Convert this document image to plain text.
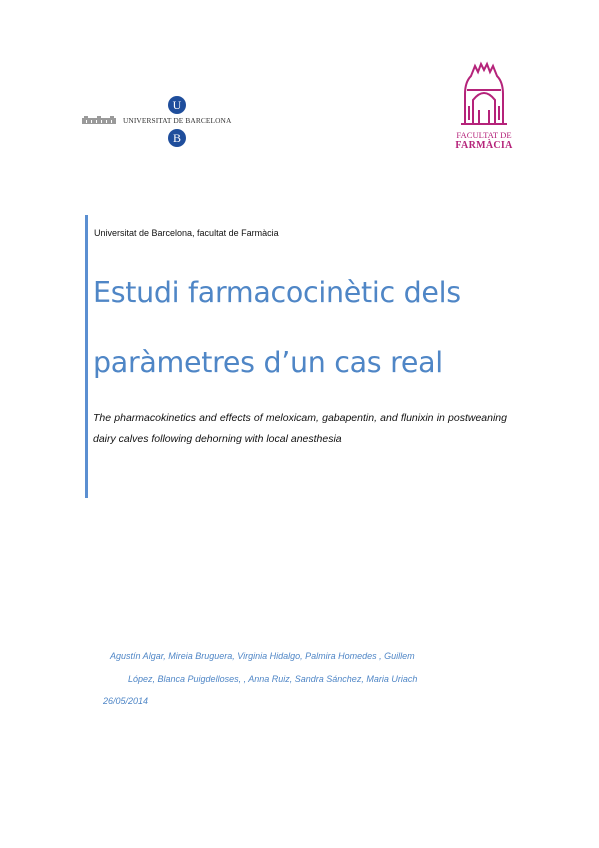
UNIVERSITAT DE BARCELONA
U
B	FACULTAT DE
FARMÀCIA
Universitat de Barcelona, facultat de Farmàcia
Estudi farmacocinètic dels
paràmetres d’un cas real

The pharmacokinetics and effects of meloxicam, gabapentin, and flunixin in postweaning dairy calves following dehorning with local anesthesia

Agustín Algar, Mireia Bruguera, Virginia Hidalgo, Palmira Homedes , Guillem
López, Blanca Puigdelloses, , Anna Ruiz, Sandra Sánchez, Maria Uriach
26/05/2014
